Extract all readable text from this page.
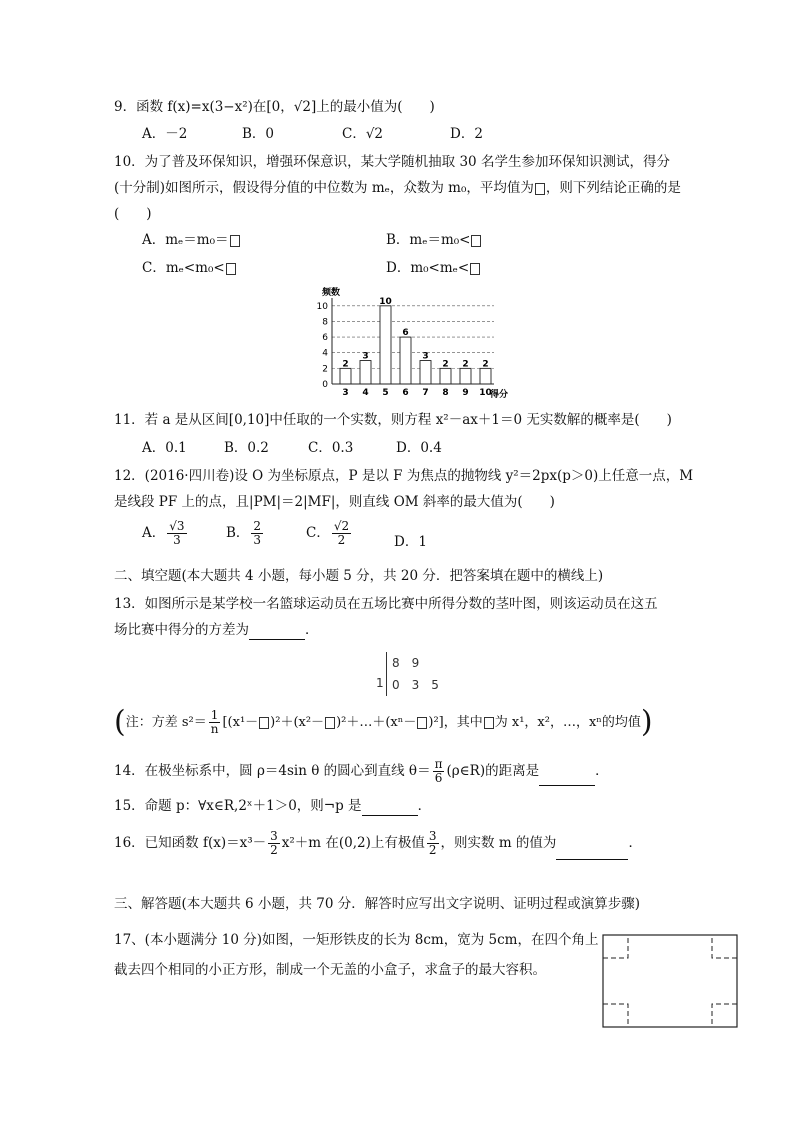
9．函数 f(x)=x(3−x²)在[0，√2]上的最小值为(　　)
A．－2	B．0	C．√2	D．2
10．为了普及环保知识，增强环保意识，某大学随机抽取 30 名学生参加环保知识测试，得分
(十分制)如图所示，假设得分值的中位数为 mₑ，众数为 m₀，平均值为 ，则下列结论正确的是
(　　)
A．mₑ＝m₀＝	B．mₑ＝m₀<
C．mₑ<m₀<	D．m₀<mₑ<
0
2
4
6
8
10
2
3
3
4
10
5
6
6
3
7
2
8
2
9
2
10
频数
得分
11．若 a 是从区间[0,10]中任取的一个实数，则方程 x²－ax＋1＝0 无实数解的概率是(　　)
A．0.1	B．0.2	C．0.3	D．0.4
12．(2016·四川卷)设 O 为坐标原点，P 是以 F 为焦点的抛物线 y²＝2px(p＞0)上任意一点，M
是线段 PF 上的点，且|PM|＝2|MF|，则直线 OM 斜率的最大值为(　　)
A． $\frac{√3}{3}$	B． $\frac{2}{3}$	C． $\frac{√2}{2}$	D．1
二、填空题(本大题共 4 小题，每小题 5 分，共 20 分．把答案填在题中的横线上)
13．如图所示是某学校一名篮球运动员在五场比赛中所得分数的茎叶图，则该运动员在这五
场比赛中得分的方差为	．
8　9
1 0　3　5
(注：方差 $s^2= \frac{1}{n} [(x^1- )^2+(x^2-$ )²＋…＋(xⁿ－ )²]，其中 为 x¹，x²，…，xⁿ的均值)
14．在极坐标系中，圆 ρ＝4sin θ 的圆心到直线 $\theta= \frac{\pi}{6}$ (ρ∈R)的距离是	．
15．命题 p：∀x∈R,2ˣ＋1＞0，则¬p 是	．
16．已知函数 $f(x)=x^3- \frac{3}{2} x^2+m$ 在(0,2)上有极值 $\frac{3}{2}$ ，则实数 m 的值为	．
三、解答题(本大题共 6 小题，共 70 分．解答时应写出文字说明、证明过程或演算步骤)
17、(本小题满分 10 分)如图，一矩形铁皮的长为 8cm，宽为 5cm，在四个角上
截去四个相同的小正方形，制成一个无盖的小盒子，求盒子的最大容积。
